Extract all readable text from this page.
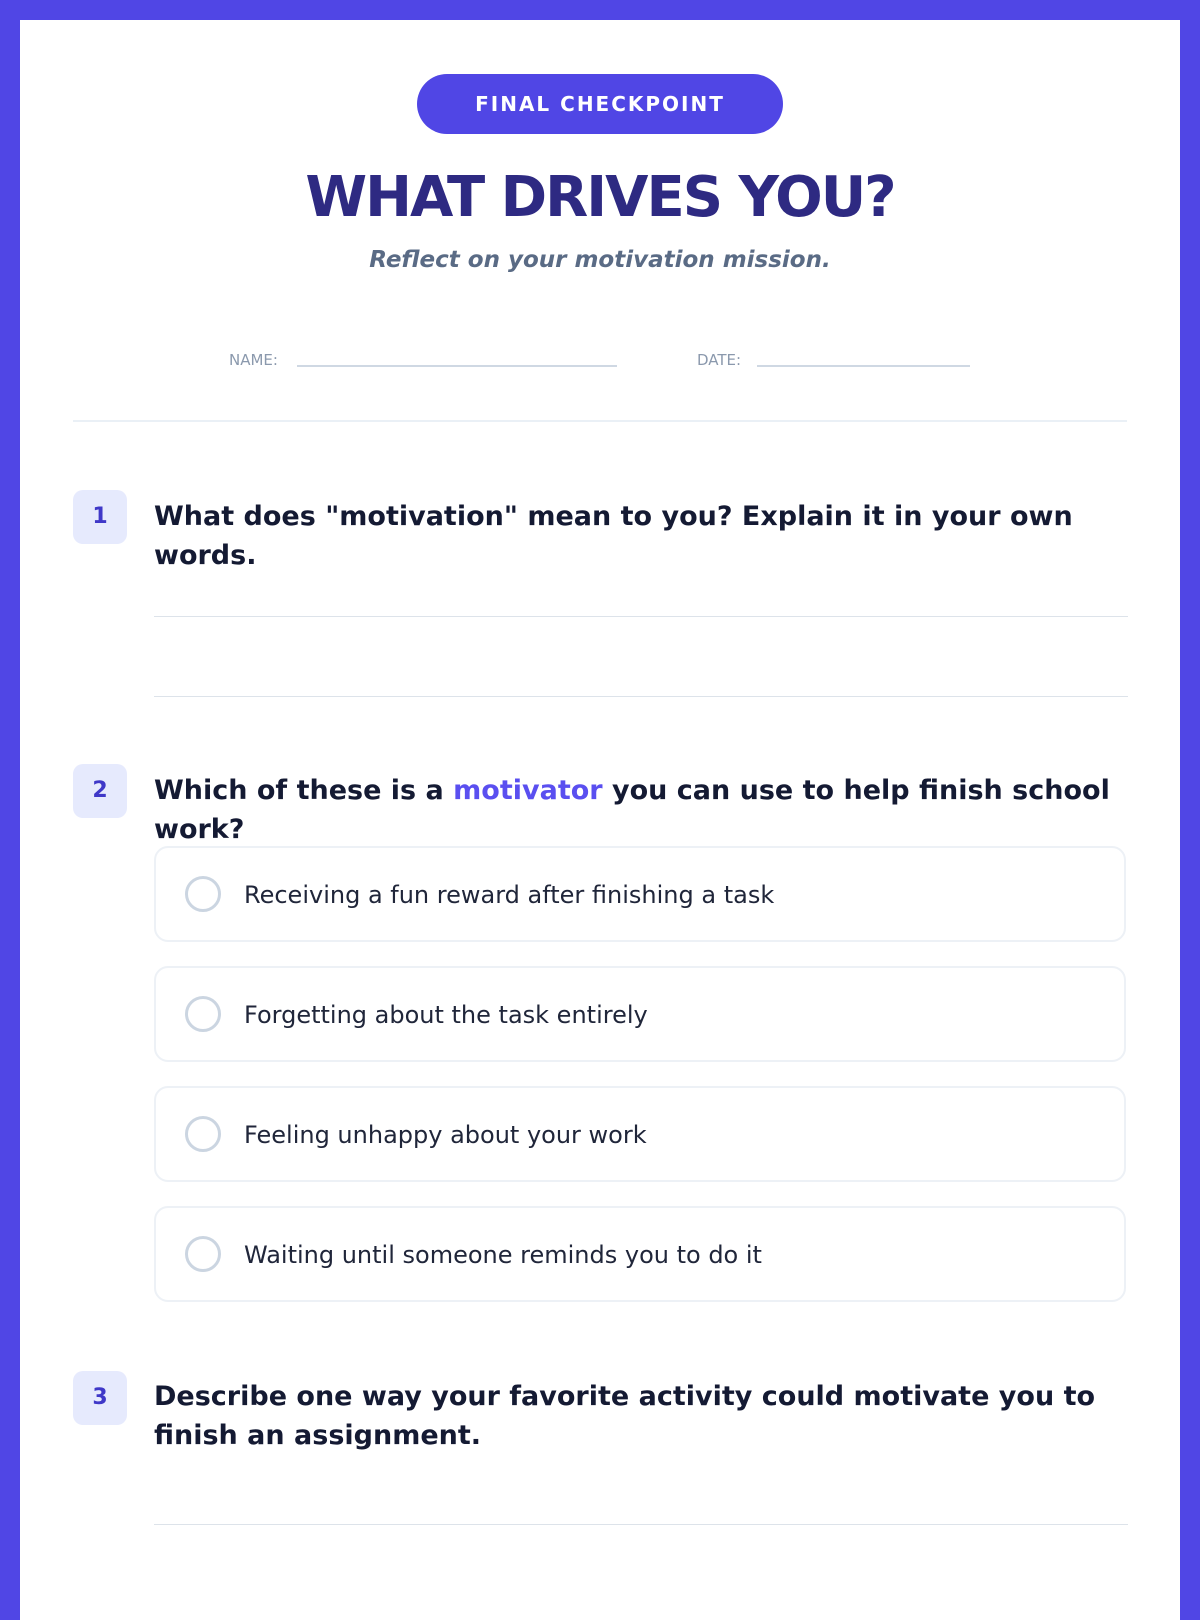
FINAL CHECKPOINT
WHAT DRIVES YOU?
Reflect on your motivation mission.
NAME:	DATE:
1	What does "motivation" mean to you? Explain it in your own words.
2	Which of these is a motivator you can use to help finish school work?
Receiving a fun reward after finishing a task
Forgetting about the task entirely
Feeling unhappy about your work
Waiting until someone reminds you to do it
3	Describe one way your favorite activity could motivate you to finish an assignment.
